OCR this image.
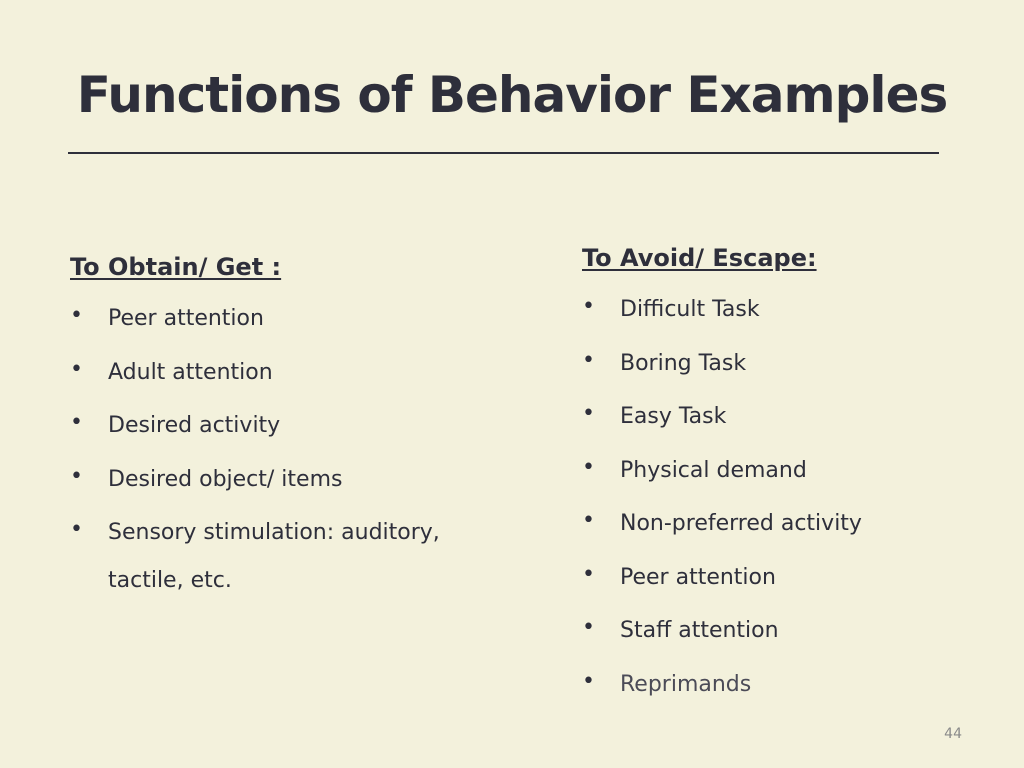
Functions of Behavior Examples
To Obtain/ Get :
• Peer attention
• Adult attention
• Desired activity
• Desired object/ items
• Sensory stimulation: auditory, tactile, etc.
To Avoid/ Escape:
• Difficult Task
• Boring Task
• Easy Task
• Physical demand
• Non-preferred activity
• Peer attention
• Staff attention
• Reprimands
44
